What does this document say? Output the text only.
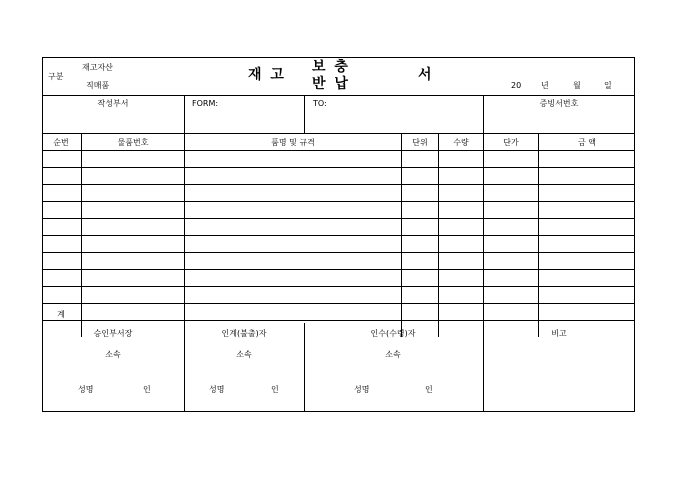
구분
재고자산
직매품
재 고 보 충
반 납
서
20 년	월	일
작성부서	FORM:	TO:	증빙서번호
순번	물품번호	품명 및 규격	단위	수량	단가	금 액
계
승인부서장
소속
성명	인
인계(불출)자
소속
성명	인
인수(수령)자
소속
성명	인
비고
